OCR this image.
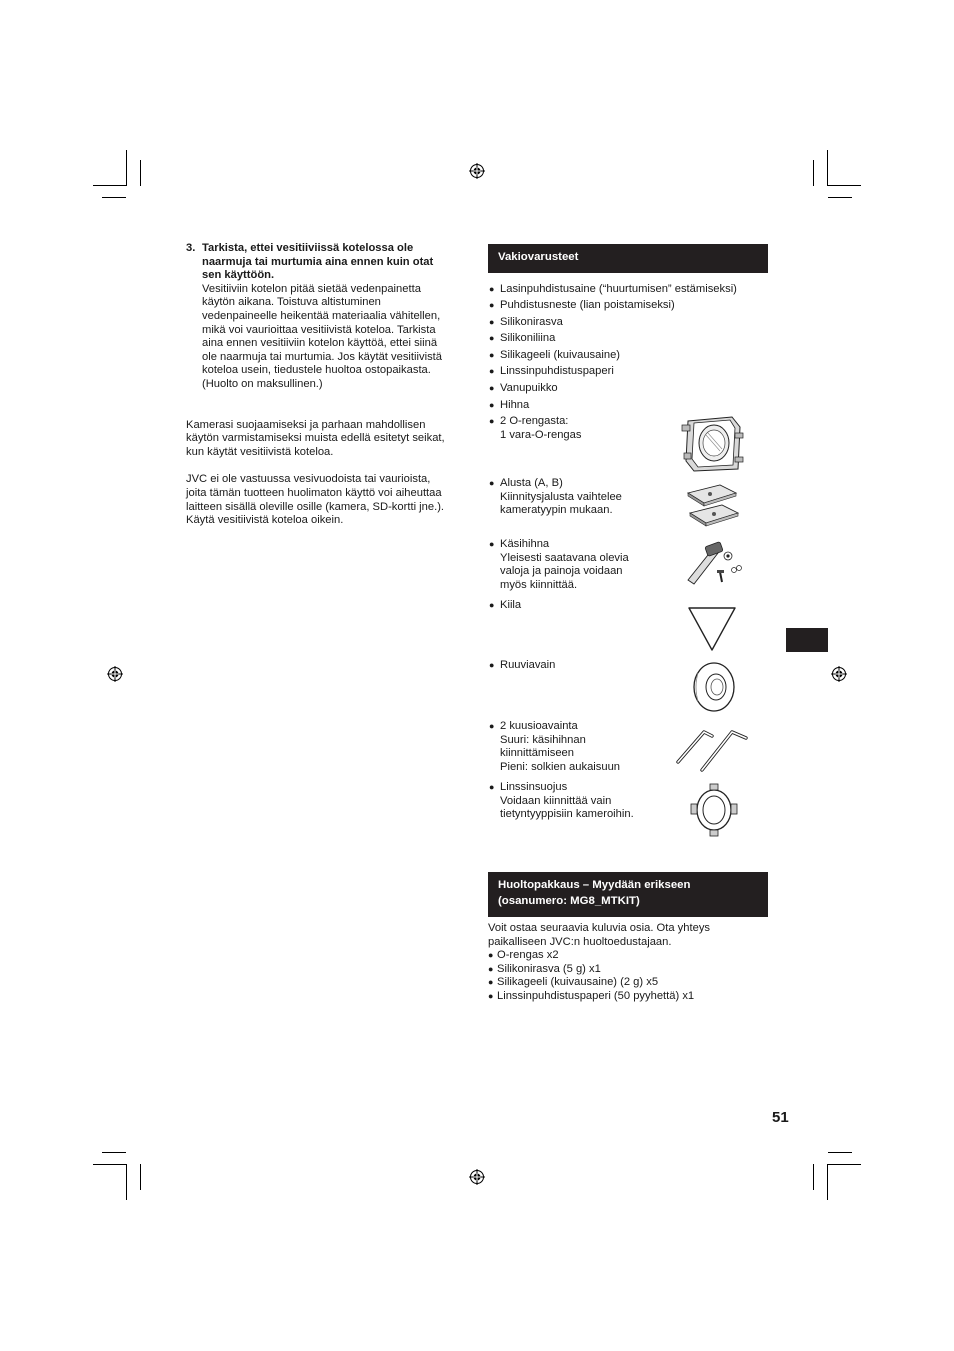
3. Tarkista, ettei vesitiiviissä kotelossa ole
naarmuja tai murtumia aina ennen kuin otat
sen käyttöön.
Vesitiiviin kotelon pitää sietää vedenpainetta
käytön aikana. Toistuva altistuminen
vedenpaineelle heikentää materiaalia vähitellen,
mikä voi vaurioittaa vesitiivistä koteloa. Tarkista
aina ennen vesitiiviin kotelon käyttöä, ettei siinä
ole naarmuja tai murtumia. Jos käytät vesitiivistä
koteloa usein, tiedustele huoltoa ostopaikasta.
(Huolto on maksullinen.)
Kamerasi suojaamiseksi ja parhaan mahdollisen
käytön varmistamiseksi muista edellä esitetyt seikat,
kun käytät vesitiivistä koteloa.
JVC ei ole vastuussa vesivuodoista tai vaurioista,
joita tämän tuotteen huolimaton käyttö voi aiheuttaa
laitteen sisällä oleville osille (kamera, SD-kortti jne.).
Käytä vesitiivistä koteloa oikein.
Vakiovarusteet
● Lasinpuhdistusaine (“huurtumisen” estämiseksi)
● Puhdistusneste (lian poistamiseksi)
● Silikonirasva
● Silikoniliina
● Silikageeli (kuivausaine)
● Linssinpuhdistuspaperi
● Vanupuikko
● Hihna
● 2 O-rengasta:
1 vara-O-rengas
● Alusta (A, B)
Kiinnitysjalusta vaihtelee
kameratyypin mukaan.
● Käsihihna
Yleisesti saatavana olevia
valoja ja painoja voidaan
myös kiinnittää.
● Kiila
● Ruuviavain
● 2 kuusioavainta
Suuri: käsihihnan
kiinnittämiseen
Pieni: solkien aukaisuun
● Linssinsuojus
Voidaan kiinnittää vain
tietyntyyppisiin kameroihin.
Huoltopakkaus – Myydään erikseen
(osanumero: MG8_MTKIT)
Voit ostaa seuraavia kuluvia osia. Ota yhteys
paikalliseen JVC:n huoltoedustajaan.
● O-rengas x2
● Silikonirasva (5 g) x1
● Silikageeli (kuivausaine) (2 g) x5
● Linssinpuhdistuspaperi (50 pyyhettä) x1
51
